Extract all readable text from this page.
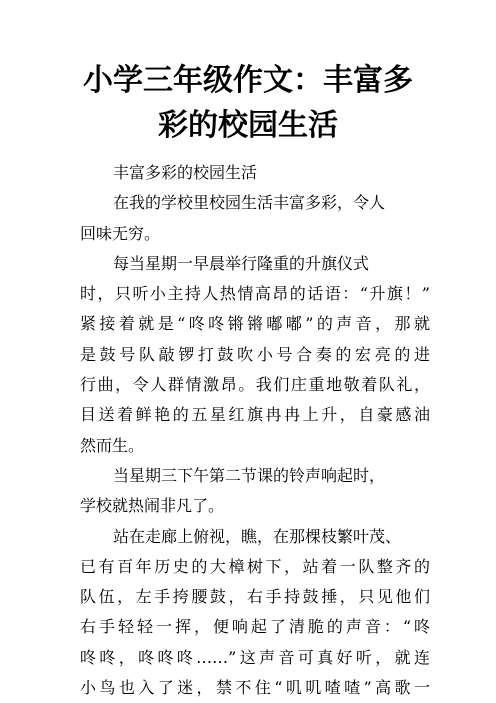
小学三年级作文：丰富多
彩的校园生活
丰富多彩的校园生活
在我的学校里校园生活丰富多彩，令人
回味无穷。
每当星期一早晨举行隆重的升旗仪式
时，只听小主持人热情高昂的话语：“升旗！”
紧接着就是“咚咚锵锵嘟嘟”的声音，那就
是鼓号队敲锣打鼓吹小号合奏的宏亮的进
行曲，令人群情激昂。我们庄重地敬着队礼，
目送着鲜艳的五星红旗冉冉上升，自豪感油
然而生。
当星期三下午第二节课的铃声响起时，
学校就热闹非凡了。
站在走廊上俯视，瞧，在那棵枝繁叶茂、
已有百年历史的大樟树下，站着一队整齐的
队伍，左手挎腰鼓，右手持鼓捶，只见他们
右手轻轻一挥，便响起了清脆的声音：“咚
咚咚，咚咚咚……”这声音可真好听，就连
小鸟也入了迷，禁不住“叽叽喳喳”高歌一
